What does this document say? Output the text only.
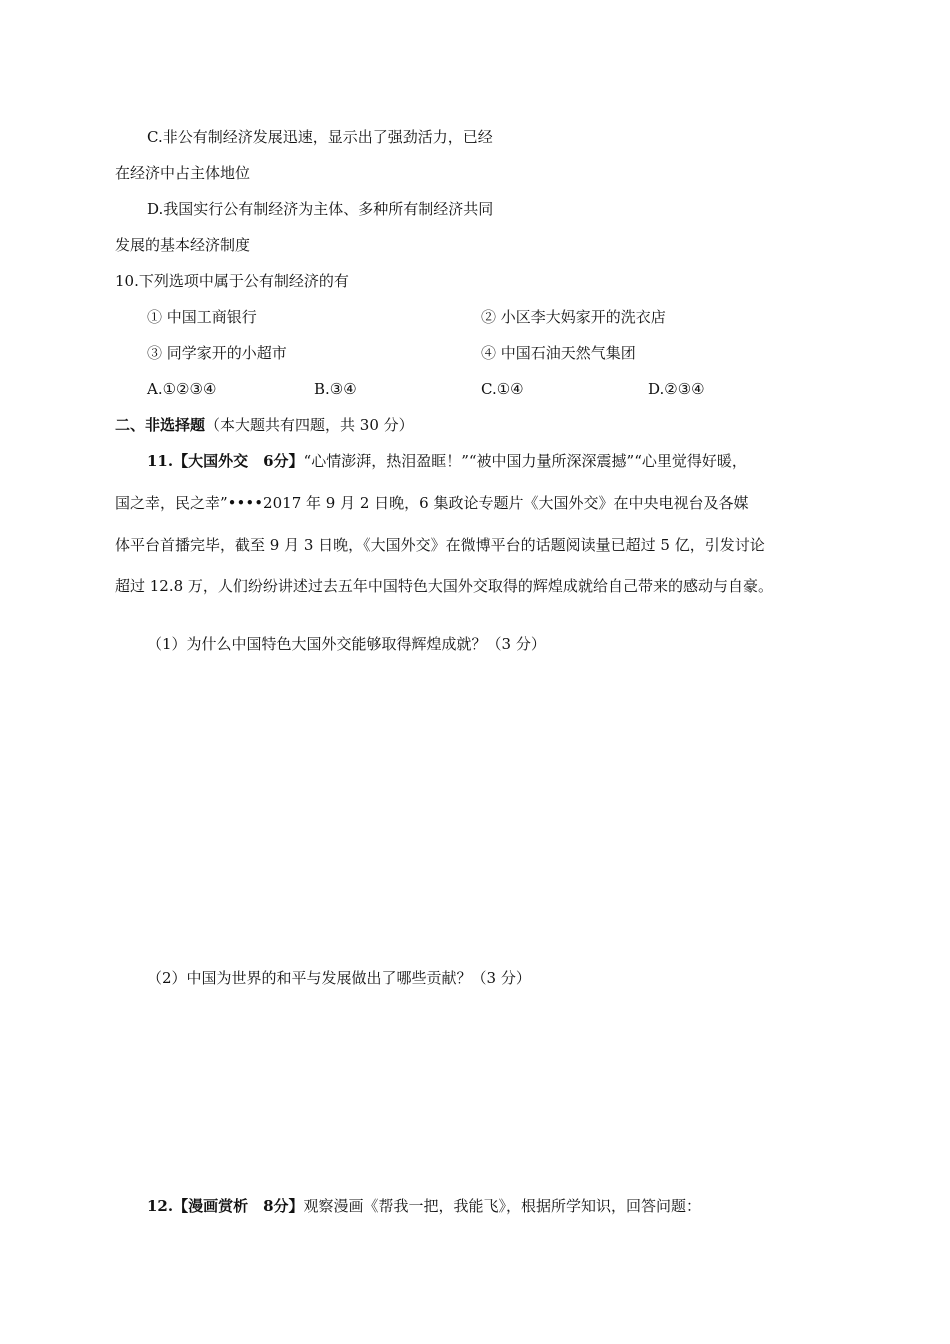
C.非公有制经济发展迅速，显示出了强劲活力，已经
在经济中占主体地位
D.我国实行公有制经济为主体、多种所有制经济共同
发展的基本经济制度
10.下列选项中属于公有制经济的有
① 中国工商银行	② 小区李大妈家开的洗衣店
③ 同学家开的小超市	④ 中国石油天然气集团
A.①②③④	B.③④	C.①④	D.②③④
二、非选择题（本大题共有四题，共 30 分）
11.【大国外交　6分】“心情澎湃，热泪盈眶！”“被中国力量所深深震撼”“心里觉得好暖，
国之幸，民之幸”••••2017 年 9 月 2 日晚，6 集政论专题片《大国外交》在中央电视台及各媒
体平台首播完毕，截至 9 月 3 日晚，《大国外交》在微博平台的话题阅读量已超过 5 亿，引发讨论
超过 12.8 万，人们纷纷讲述过去五年中国特色大国外交取得的辉煌成就给自己带来的感动与自豪。
（1）为什么中国特色大国外交能够取得辉煌成就？（3 分）
（2）中国为世界的和平与发展做出了哪些贡献？（3 分）
12.【漫画赏析　8分】观察漫画《帮我一把，我能飞》，根据所学知识，回答问题：
